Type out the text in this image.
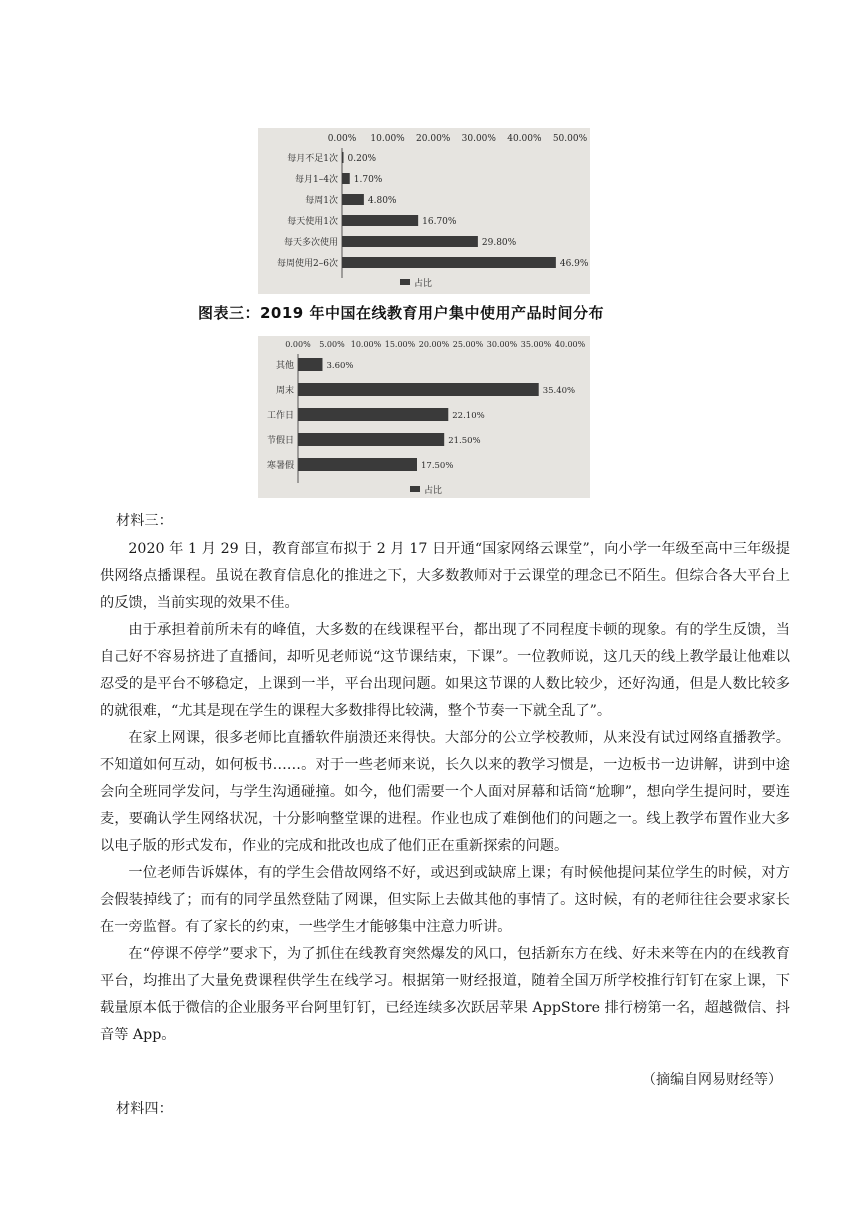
0.00% 10.00% 20.00% 30.00% 40.00% 50.00%
每月不足1次 0.20%
每月1–4次 1.70%
每周1次	4.80%
每天使用1次	16.70%
每天多次使用	29.80%
每周使用2–6次	46.9%
占比
图表三：2019 年中国在线教育用户集中使用产品时间分布
0.00% 5.00% 10.00% 15.00% 20.00% 25.00% 30.00% 35.00% 40.00%
其他	3.60%
周末	35.40%
工作日	22.10%
节假日	21.50%
寒暑假	17.50%
占比
材料三：

2020 年 1 月 29 日，教育部宣布拟于 2 月 17 日开通“国家网络云课堂”，向小学一年级至高中三年级提供网络点播课程。虽说在教育信息化的推进之下，大多数教师对于云课堂的理念已不陌生。但综合各大平台上的反馈，当前实现的效果不佳。

由于承担着前所未有的峰值，大多数的在线课程平台，都出现了不同程度卡顿的现象。有的学生反馈，当自己好不容易挤进了直播间，却听见老师说“这节课结束，下课”。一位教师说，这几天的线上教学最让他难以忍受的是平台不够稳定，上课到一半，平台出现问题。如果这节课的人数比较少，还好沟通，但是人数比较多的就很难，“尤其是现在学生的课程大多数排得比较满，整个节奏一下就全乱了”。

在家上网课，很多老师比直播软件崩溃还来得快。大部分的公立学校教师，从来没有试过网络直播教学。不知道如何互动，如何板书……。对于一些老师来说，长久以来的教学习惯是，一边板书一边讲解，讲到中途会向全班同学发问，与学生沟通碰撞。如今，他们需要一个人面对屏幕和话筒“尬聊”，想向学生提问时，要连麦，要确认学生网络状况，十分影响整堂课的进程。作业也成了难倒他们的问题之一。线上教学布置作业大多以电子版的形式发布，作业的完成和批改也成了他们正在重新探索的问题。

一位老师告诉媒体，有的学生会借故网络不好，或迟到或缺席上课；有时候他提问某位学生的时候，对方会假装掉线了；而有的同学虽然登陆了网课，但实际上去做其他的事情了。这时候，有的老师往往会要求家长在一旁监督。有了家长的约束，一些学生才能够集中注意力听讲。

在“停课不停学”要求下，为了抓住在线教育突然爆发的风口，包括新东方在线、好未来等在内的在线教育平台，均推出了大量免费课程供学生在线学习。根据第一财经报道，随着全国万所学校推行钉钉在家上课，下载量原本低于微信的企业服务平台阿里钉钉，已经连续多次跃居苹果 AppStore 排行榜第一名，超越微信、抖音等 App。

（摘编自网易财经等）
材料四：
